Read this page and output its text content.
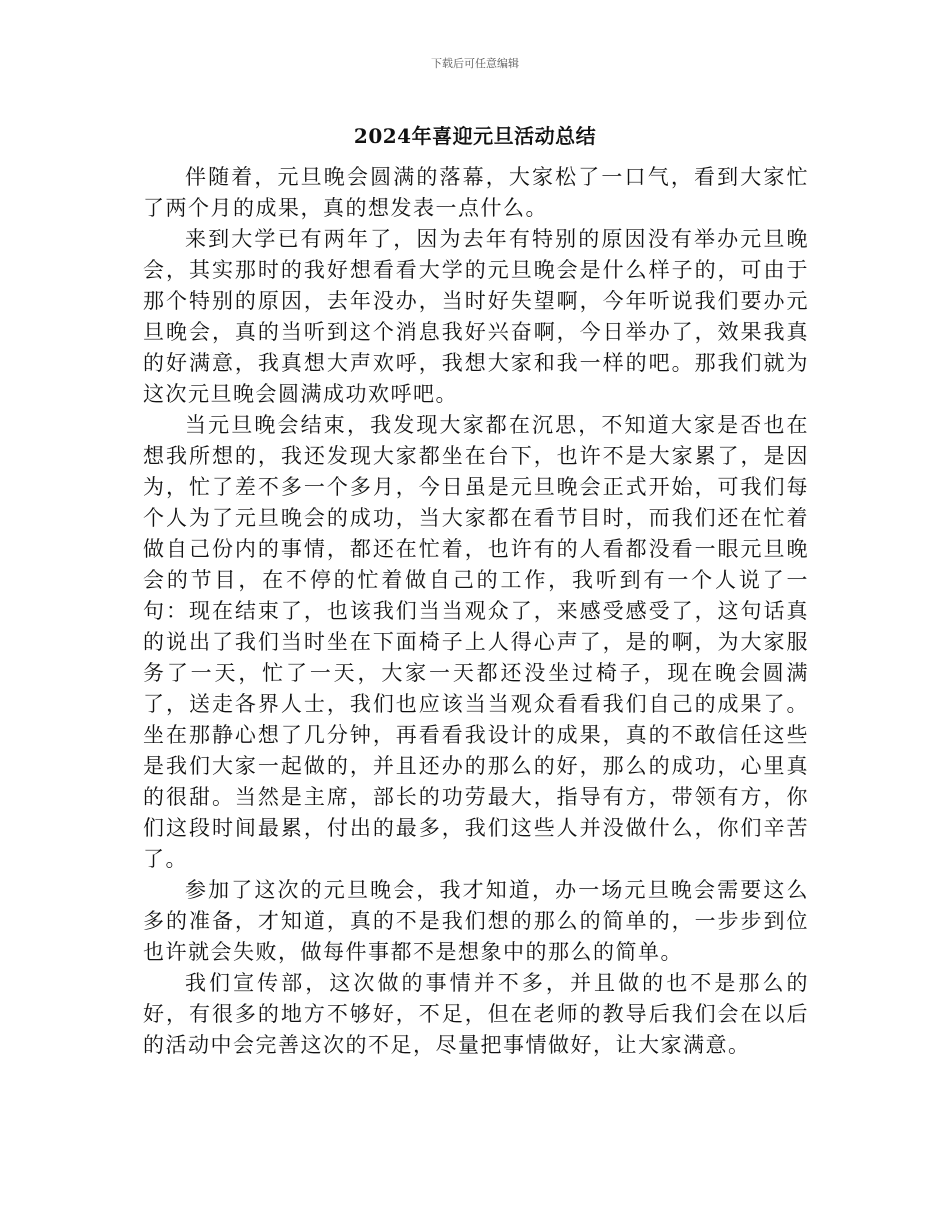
下载后可任意编辑
2024年喜迎元旦活动总结

伴随着，元旦晚会圆满的落幕，大家松了一口气，看到大家忙了两个月的成果，真的想发表一点什么。

来到大学已有两年了，因为去年有特别的原因没有举办元旦晚会，其实那时的我好想看看大学的元旦晚会是什么样子的，可由于那个特别的原因，去年没办，当时好失望啊，今年听说我们要办元旦晚会，真的当听到这个消息我好兴奋啊，今日举办了，效果我真的好满意，我真想大声欢呼，我想大家和我一样的吧。那我们就为这次元旦晚会圆满成功欢呼吧。

当元旦晚会结束，我发现大家都在沉思，不知道大家是否也在想我所想的，我还发现大家都坐在台下，也许不是大家累了，是因为，忙了差不多一个多月，今日虽是元旦晚会正式开始，可我们每个人为了元旦晚会的成功，当大家都在看节目时，而我们还在忙着做自己份内的事情，都还在忙着，也许有的人看都没看一眼元旦晚会的节目，在不停的忙着做自己的工作，我听到有一个人说了一句：现在结束了，也该我们当当观众了，来感受感受了，这句话真的说出了我们当时坐在下面椅子上人得心声了，是的啊，为大家服务了一天，忙了一天，大家一天都还没坐过椅子，现在晚会圆满了，送走各界人士，我们也应该当当观众看看我们自己的成果了。坐在那静心想了几分钟，再看看我设计的成果，真的不敢信任这些是我们大家一起做的，并且还办的那么的好，那么的成功，心里真的很甜。当然是主席，部长的功劳最大，指导有方，带领有方，你们这段时间最累，付出的最多，我们这些人并没做什么，你们辛苦了。

参加了这次的元旦晚会，我才知道，办一场元旦晚会需要这么多的准备，才知道，真的不是我们想的那么的简单的，一步步到位也许就会失败，做每件事都不是想象中的那么的简单。

我们宣传部，这次做的事情并不多，并且做的也不是那么的好，有很多的地方不够好，不足，但在老师的教导后我们会在以后的活动中会完善这次的不足，尽量把事情做好，让大家满意。
